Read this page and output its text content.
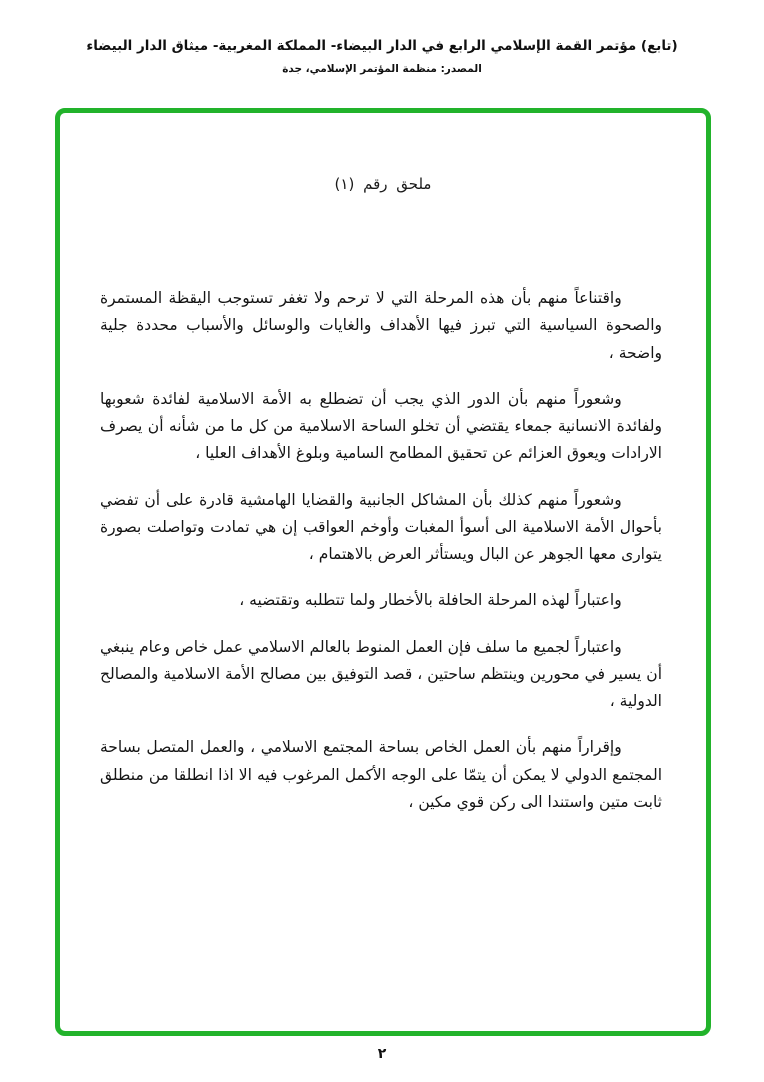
(تابع) مؤتمر القمة الإسلامي الرابع في الدار البيضاء- المملكة المغربية- ميثاق الدار البيضاء
المصدر: منظمة المؤتمر الإسلامي، جدة
ملحق رقم (١)

واقتناعاً منهم بأن هذه المرحلة التي لا ترحم ولا تغفر تستوجب اليقظة المستمرة والصحوة السياسية التي تبرز فيها الأهداف والغايات والوسائل والأسباب محددة جلية واضحة ،

وشعوراً منهم بأن الدور الذي يجب أن تضطلع به الأمة الاسلامية لفائدة شعوبها ولفائدة الانسانية جمعاء يقتضي أن تخلو الساحة الاسلامية من كل ما من شأنه أن يصرف الارادات ويعوق العزائم عن تحقيق المطامح السامية وبلوغ الأهداف العليا ،

وشعوراً منهم كذلك بأن المشاكل الجانبية والقضايا الهامشية قادرة على أن تفضي بأحوال الأمة الاسلامية الى أسوأ المغبات وأوخم العواقب إن هي تمادت وتواصلت بصورة يتوارى معها الجوهر عن البال ويستأثر العرض بالاهتمام ،

واعتباراً لهذه المرحلة الحافلة بالأخطار ولما تتطلبه وتقتضيه ،

واعتباراً لجميع ما سلف فإن العمل المنوط بالعالم الاسلامي عمل خاص وعام ينبغي أن يسير في محورين وينتظم ساحتين ، قصد التوفيق بين مصالح الأمة الاسلامية والمصالح الدولية ،

وإقراراً منهم بأن العمل الخاص بساحة المجتمع الاسلامي ، والعمل المتصل بساحة المجتمع الدولي لا يمكن أن يتمّا على الوجه الأكمل المرغوب فيه الا اذا انطلقا من منطلق ثابت متين واستندا الى ركن قوي مكين ،

٢
